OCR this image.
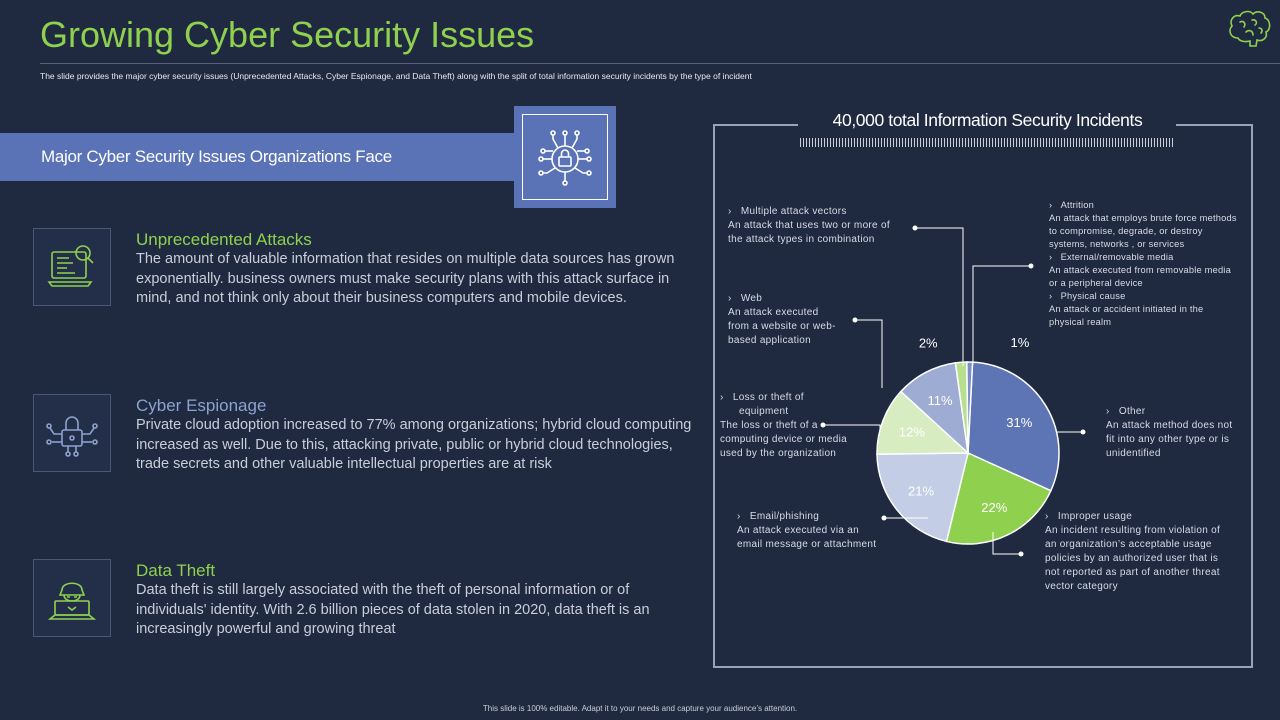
Growing Cyber Security Issues
The slide provides the major cyber security issues (Unprecedented Attacks, Cyber Espionage, and Data Theft) along with the split of total information security incidents by the type of incident
Major Cyber Security Issues Organizations Face
Unprecedented Attacks
The amount of valuable information that resides on multiple data sources has grown exponentially. business owners must make security plans with this attack surface in mind, and not think only about their business computers and mobile devices.
Cyber Espionage
Private cloud adoption increased to 77% among organizations; hybrid cloud computing increased as well. Due to this, attacking private, public or hybrid cloud technologies, trade secrets and other valuable intellectual properties are at risk
Data Theft
Data theft is still largely associated with the theft of personal information or of individuals' identity. With 2.6 billion pieces of data stolen in 2020, data theft is an increasingly powerful and growing threat
40,000 total Information Security Incidents
31%
22%
21%
12%
11%
2%	1%
›   Multiple attack vectors
An attack that uses two or more of
the attack types in combination
›   Web
An attack executed
from a website or web-
based application
›   Loss or theft of
equipment
The loss or theft of a
computing device or media
used by the organization
›   Email/phishing
An attack executed via an
email message or attachment
›   Attrition
An attack that employs brute force methods
to compromise, degrade, or destroy
systems, networks , or services
›   External/removable media
An attack executed from removable media
or a peripheral device
›   Physical cause
An attack or accident initiated in the
physical realm
›   Other
An attack method does not
fit into any other type or is
unidentified
›   Improper usage
An incident resulting from violation of
an organization’s acceptable usage
policies by an authorized user that is
not reported as part of another threat
vector category
This slide is 100% editable. Adapt it to your needs and capture your audience’s attention.
